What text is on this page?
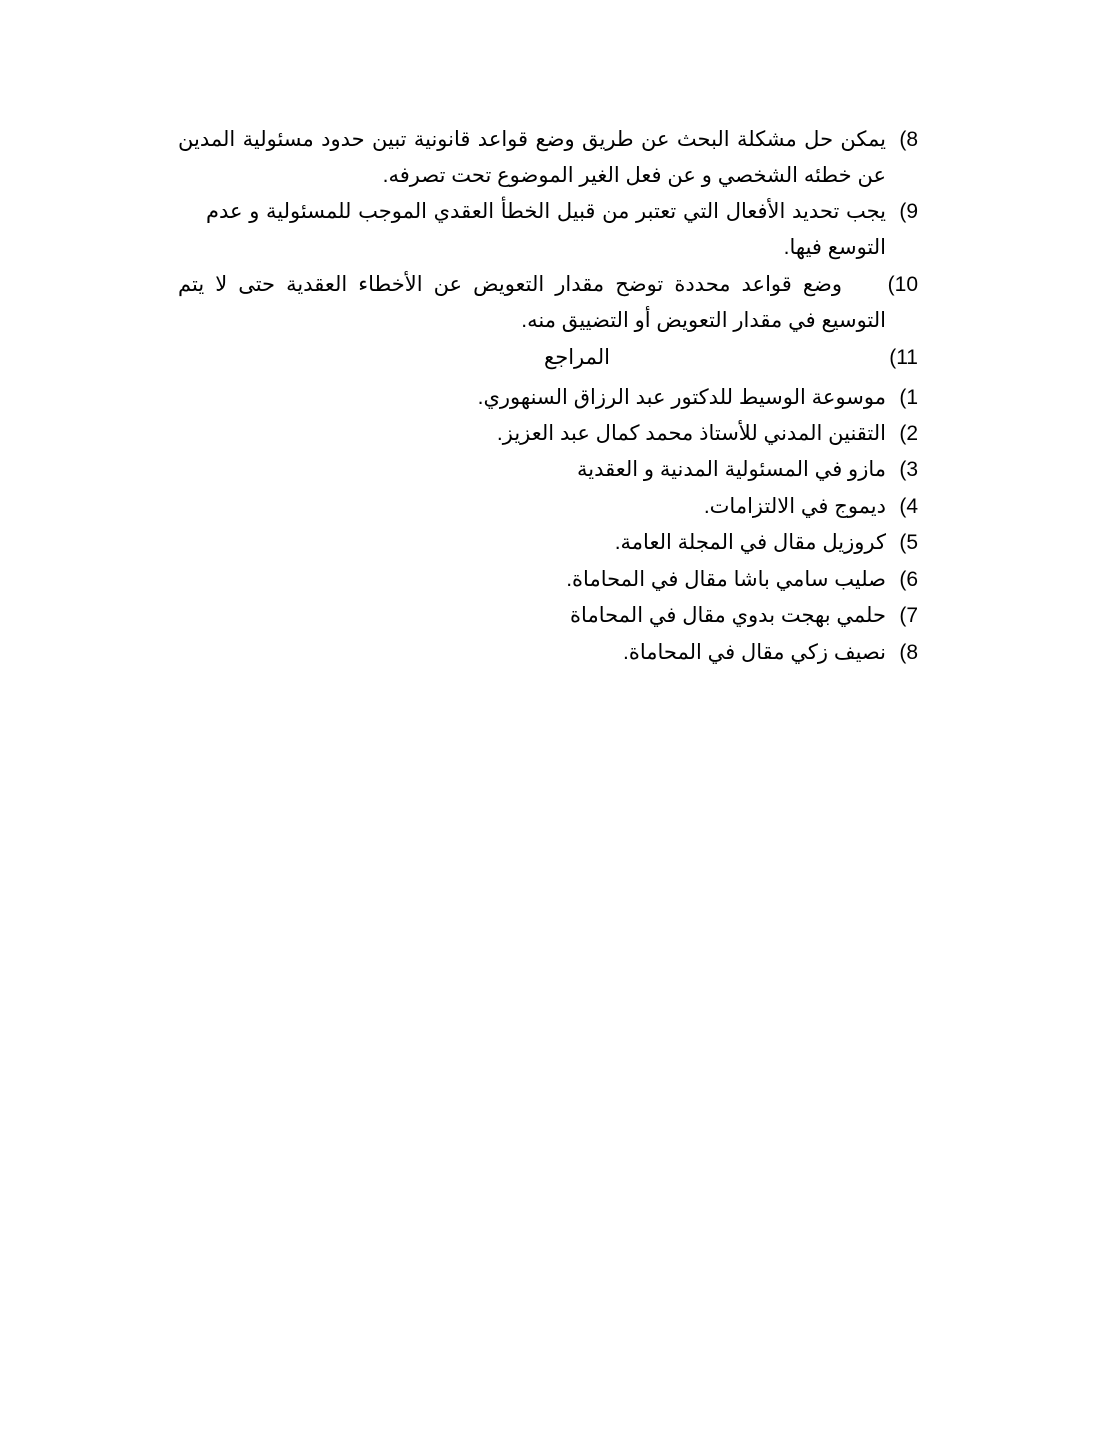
8)يمكن حل مشكلة البحث عن طريق وضع قواعد قانونية تبين حدود مسئولية المدين
عن خطئه الشخصي و عن فعل الغير الموضوع تحت تصرفه.
9)يجب تحديد الأفعال التي تعتبر من قبيل الخطأ العقدي الموجب للمسئولية و عدم
التوسع فيها.
10)وضع قواعد محددة توضح مقدار التعويض عن الأخطاء العقدية حتى لا يتم
التوسيع في مقدار التعويض أو التضييق منه.
11)المراجع
1)موسوعة الوسيط للدكتور عبد الرزاق السنهوري.
2)التقنين المدني للأستاذ محمد كمال عبد العزيز.
3)مازو في المسئولية المدنية و العقدية
4)ديموج في الالتزامات.
5)كروزيل مقال في المجلة العامة.
6)صليب سامي باشا مقال في المحاماة.
7)حلمي بهجت بدوي مقال في المحاماة
8)نصيف زكي مقال في المحاماة.
